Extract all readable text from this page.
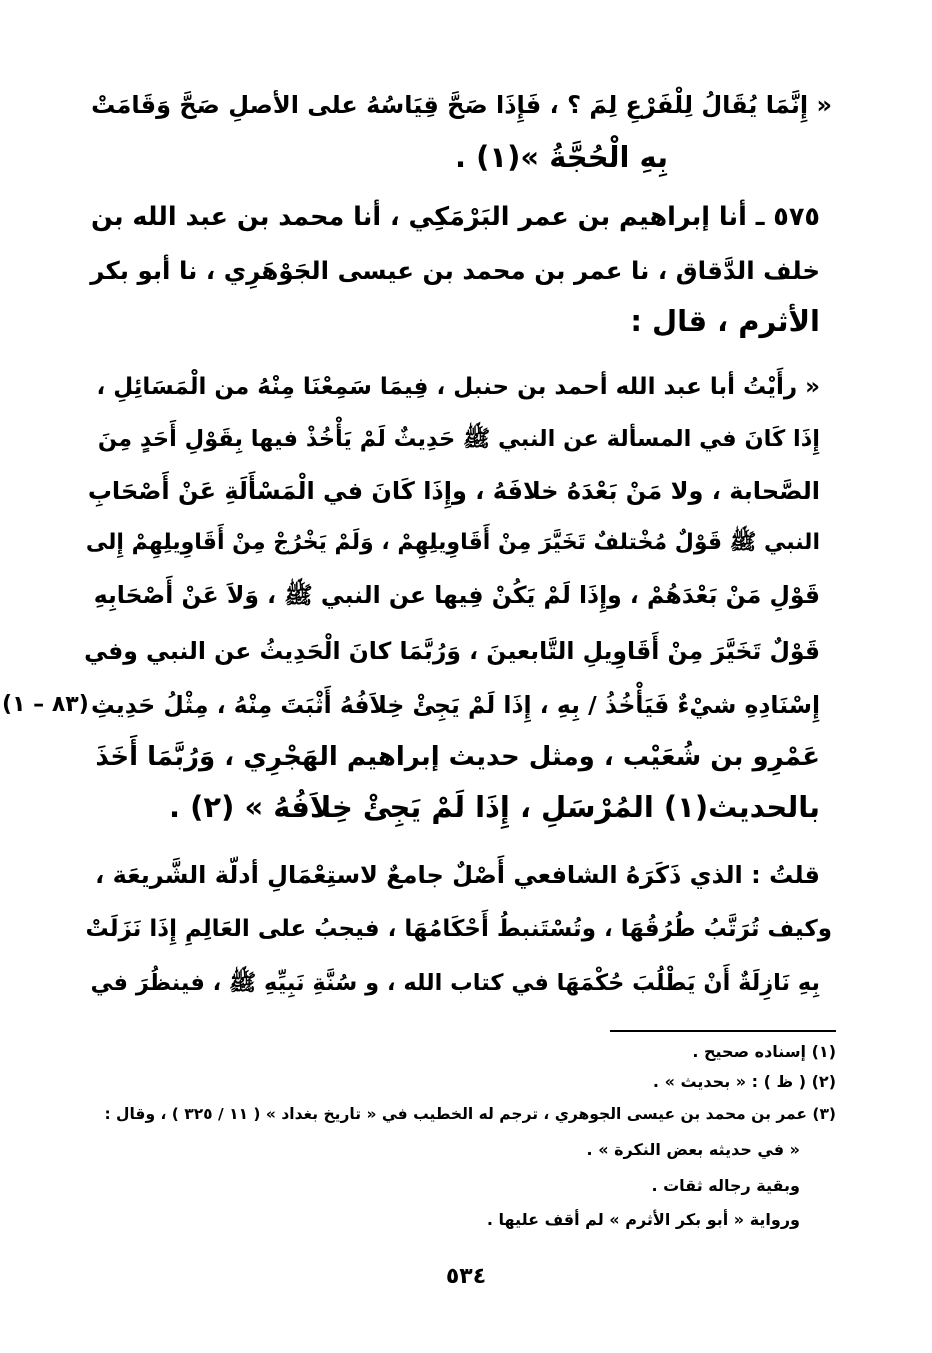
« إِنَّمَا يُقَالُ لِلْفَرْعِ لِمَ ؟ ، فَإِذَا صَحَّ قِيَاسُهُ على الأصلِ صَحَّ وَقَامَتْ
بِهِ الْحُجَّةُ »(١) .
٥٧٥ ـ أنا إبراهيم بن عمر البَرْمَكِي ، أنا محمد بن عبد الله بن
خلف الدَّقاق ، نا عمر بن محمد بن عيسى الجَوْهَرِي ، نا أبو بكر
الأثرم ، قال :
« رأَيْتُ أبا عبد الله أحمد بن حنبل ، فِيمَا سَمِعْنَا مِنْهُ من الْمَسَائِلِ ،
إِذَا كَانَ في المسألة عن النبي ﷺ حَدِيثٌ لَمْ يَأْخُذْ فيها بِقَوْلِ أَحَدٍ مِنَ
الصَّحابة ، ولا مَنْ بَعْدَهُ خلافَهُ ، وإِذَا كَانَ في الْمَسْأَلَةِ عَنْ أَصْحَابِ
النبي ﷺ قَوْلٌ مُخْتلفٌ تَخَيَّرَ مِنْ أَقَاوِيلِهِمْ ، وَلَمْ يَخْرُجْ مِنْ أَقَاوِيلِهِمْ إِلى
قَوْلِ مَنْ بَعْدَهُمْ ، وإِذَا لَمْ يَكُنْ فِيها عن النبي ﷺ ، وَلاَ عَنْ أَصْحَابِهِ
قَوْلٌ تَخَيَّرَ مِنْ أَقَاوِيلِ التَّابعينَ ، وَرُبَّمَا كانَ الْحَدِيثُ عن النبي وفي
إِسْنَادِهِ شيْءٌ فَيَأْخُذُ / بِهِ ، إِذَا لَمْ يَجِئْ خِلاَفُهُ أَثْبَتَ مِنْهُ ، مِثْلُ حَدِيثِ
عَمْرِو بن شُعَيْب ، ومثل حديث إبراهيم الهَجْرِي ، وَرُبَّمَا أَخَذَ
بالحديث(١) المُرْسَلِ ، إِذَا لَمْ يَجِئْ خِلاَفُهُ » (٢) .
قلتُ : الذي ذَكَرَهُ الشافعي أَصْلٌ جامعٌ لاستِعْمَالِ أدلّة الشَّريعَة ،
وكيف تُرَتَّبُ طُرُقُهَا ، وتُسْتَنبطُ أَحْكَامُهَا ، فيجبُ على العَالِمِ إِذَا نَزَلَتْ
بِهِ نَازِلَةٌ أَنْ يَطْلُبَ حُكْمَهَا في كتاب الله ، و سُنَّةِ نَبِيِّهِ ﷺ ، فينظُرَ في
(٨٣ – ١)
(١) إسناده صحيح .
(٢) ( ظ ) : « بحديث » .
(٣) عمر بن محمد بن عيسى الجوهري ، ترجم له الخطيب في « تاريخ بغداد » ( ١١ / ٣٢٥ ) ، وقال :
« في حديثه بعض النكرة » .
وبقية رجاله ثقات .
ورواية « أبو بكر الأثرم » لم أقف عليها .
٥٣٤
